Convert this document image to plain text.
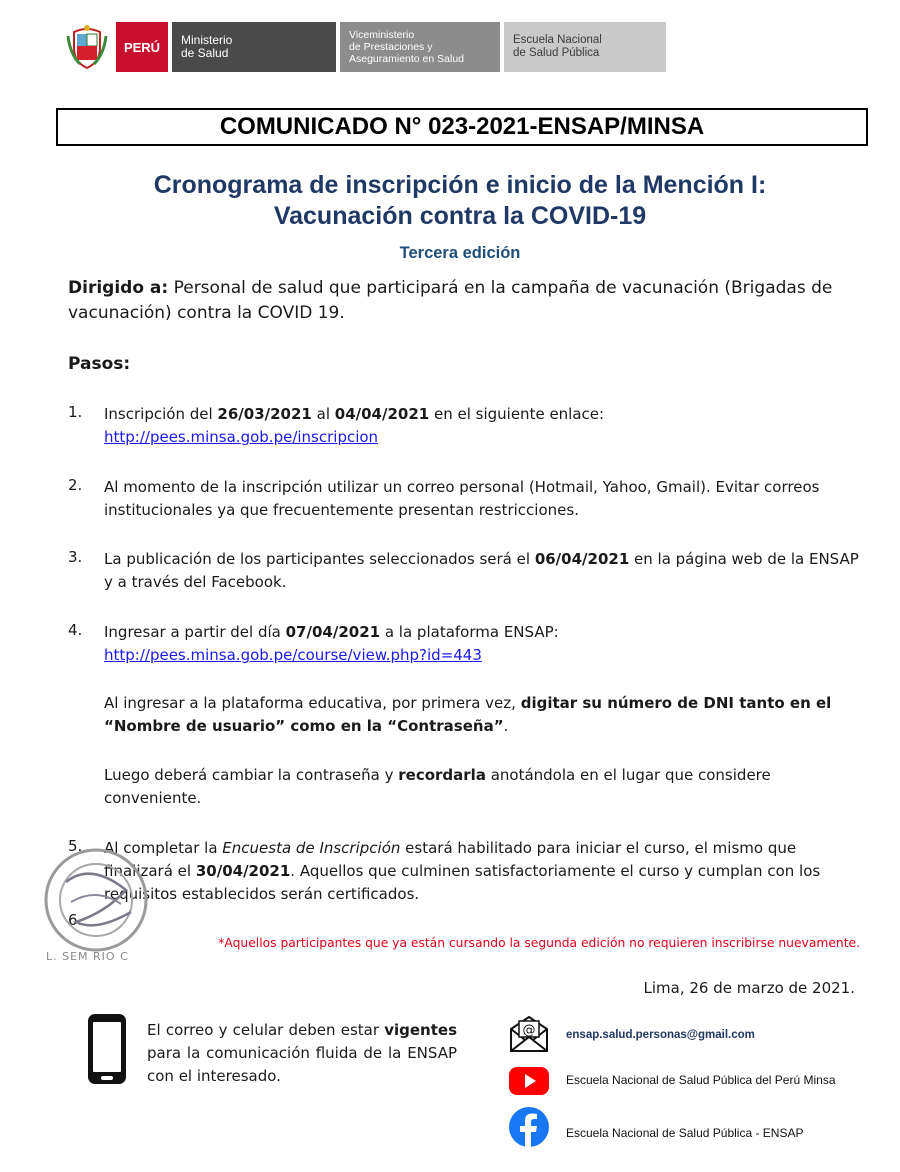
PERÚ	Ministerio
de Salud
Viceministerio
de Prestaciones y
Aseguramiento en Salud
Escuela Nacional
de Salud Pública
COMUNICADO N° 023-2021-ENSAP/MINSA
Cronograma de inscripción e inicio de la Mención I:
Vacunación contra la COVID-19
Tercera edición
Dirigido a: Personal de salud que participará en la campaña de vacunación (Brigadas de vacunación) contra la COVID 19.
Pasos:
1. Inscripción del 26/03/2021 al 04/04/2021 en el siguiente enlace:
http://pees.minsa.gob.pe/inscripcion
2. Al momento de la inscripción utilizar un correo personal (Hotmail, Yahoo, Gmail). Evitar correos institucionales ya que frecuentemente presentan restricciones.
3. La publicación de los participantes seleccionados será el 06/04/2021 en la página web de la ENSAP y a través del Facebook.
4. Ingresar a partir del día 07/04/2021 a la plataforma ENSAP:
http://pees.minsa.gob.pe/course/view.php?id=443
Al ingresar a la plataforma educativa, por primera vez, digitar su número de DNI tanto en el “Nombre de usuario” como en la “Contraseña”.
Luego deberá cambiar la contraseña y recordarla anotándola en el lugar que considere conveniente.
5. Al completar la Encuesta de Inscripción estará habilitado para iniciar el curso, el mismo que finalizará el 30/04/2021. Aquellos que culminen satisfactoriamente el curso y cumplan con los requisitos establecidos serán certificados.
6.
L. SEM RIO C
*Aquellos participantes que ya están cursando la segunda edición no requieren inscribirse nuevamente.
Lima, 26 de marzo de 2021.
El correo y celular deben estar vigentes para la comunicación fluida de la ENSAP con el interesado.
@	ensap.salud.personas@gmail.com
Escuela Nacional de Salud Pública del Perú Minsa
Escuela Nacional de Salud Pública - ENSAP
